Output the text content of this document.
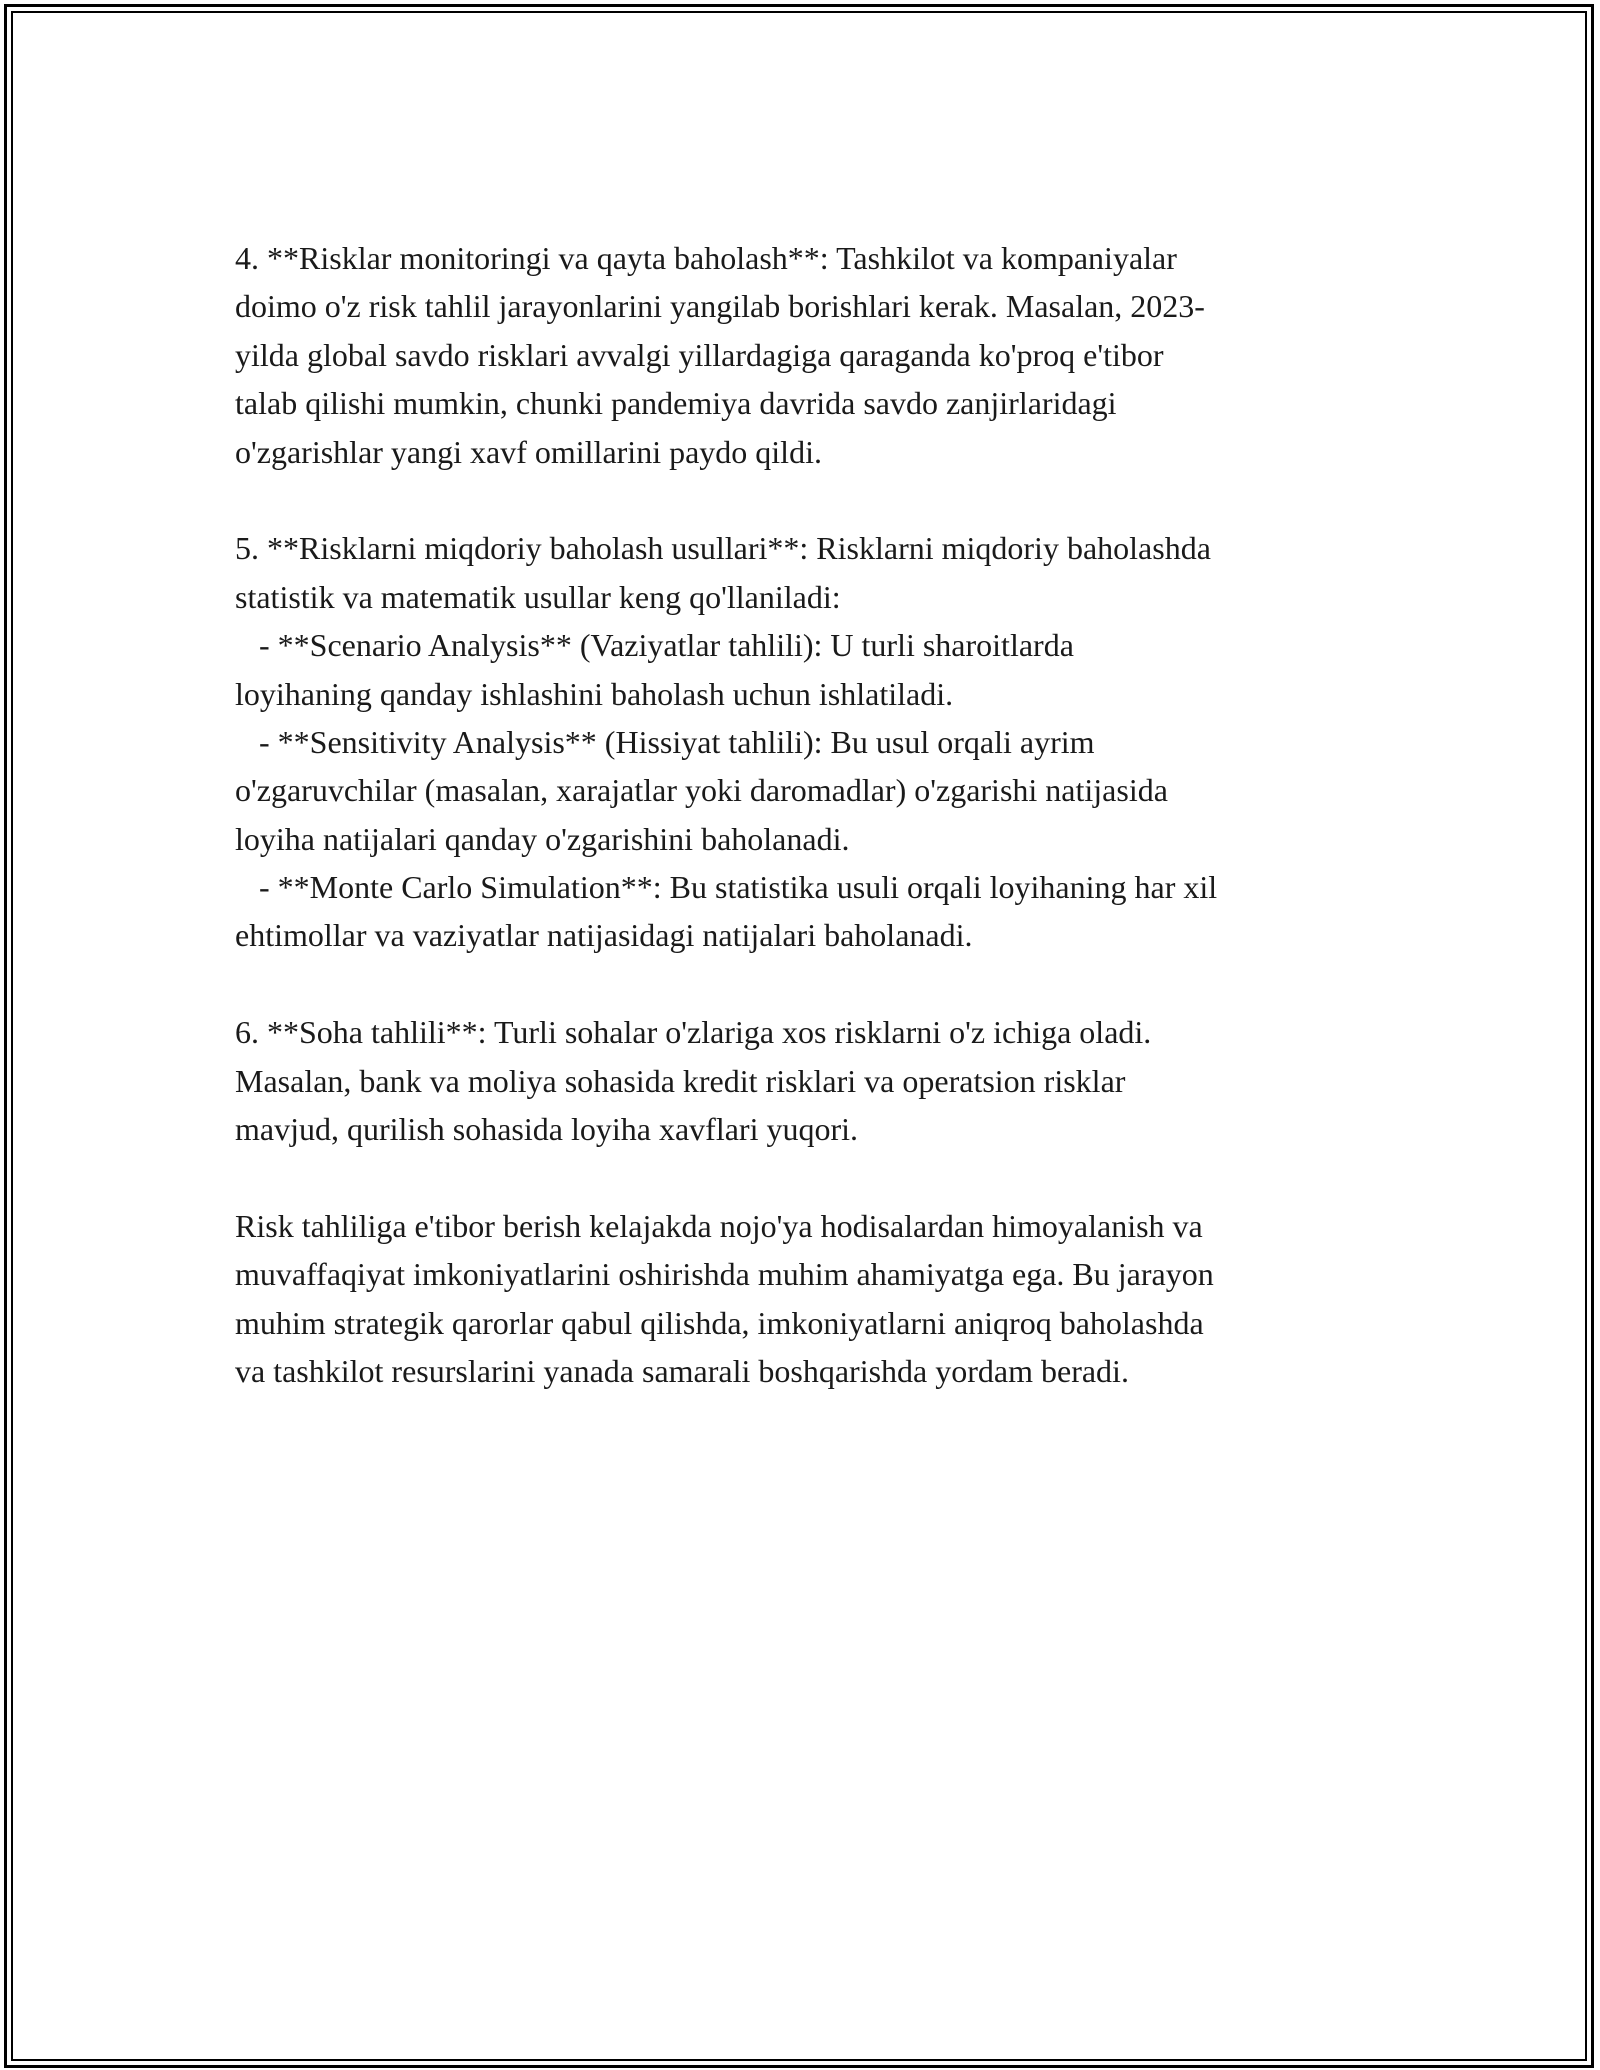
4. **Risklar monitoringi va qayta baholash**: Tashkilot va kompaniyalar
doimo o'z risk tahlil jarayonlarini yangilab borishlari kerak. Masalan, 2023-
yilda global savdo risklari avvalgi yillardagiga qaraganda ko'proq e'tibor
talab qilishi mumkin, chunki pandemiya davrida savdo zanjirlaridagi
o'zgarishlar yangi xavf omillarini paydo qildi.
5. **Risklarni miqdoriy baholash usullari**: Risklarni miqdoriy baholashda
statistik va matematik usullar keng qo'llaniladi:
- **Scenario Analysis** (Vaziyatlar tahlili): U turli sharoitlarda
loyihaning qanday ishlashini baholash uchun ishlatiladi.
- **Sensitivity Analysis** (Hissiyat tahlili): Bu usul orqali ayrim
o'zgaruvchilar (masalan, xarajatlar yoki daromadlar) o'zgarishi natijasida
loyiha natijalari qanday o'zgarishini baholanadi.
- **Monte Carlo Simulation**: Bu statistika usuli orqali loyihaning har xil
ehtimollar va vaziyatlar natijasidagi natijalari baholanadi.
6. **Soha tahlili**: Turli sohalar o'zlariga xos risklarni o'z ichiga oladi.
Masalan, bank va moliya sohasida kredit risklari va operatsion risklar
mavjud, qurilish sohasida loyiha xavflari yuqori.
Risk tahliliga e'tibor berish kelajakda nojo'ya hodisalardan himoyalanish va
muvaffaqiyat imkoniyatlarini oshirishda muhim ahamiyatga ega. Bu jarayon
muhim strategik qarorlar qabul qilishda, imkoniyatlarni aniqroq baholashda
va tashkilot resurslarini yanada samarali boshqarishda yordam beradi.
